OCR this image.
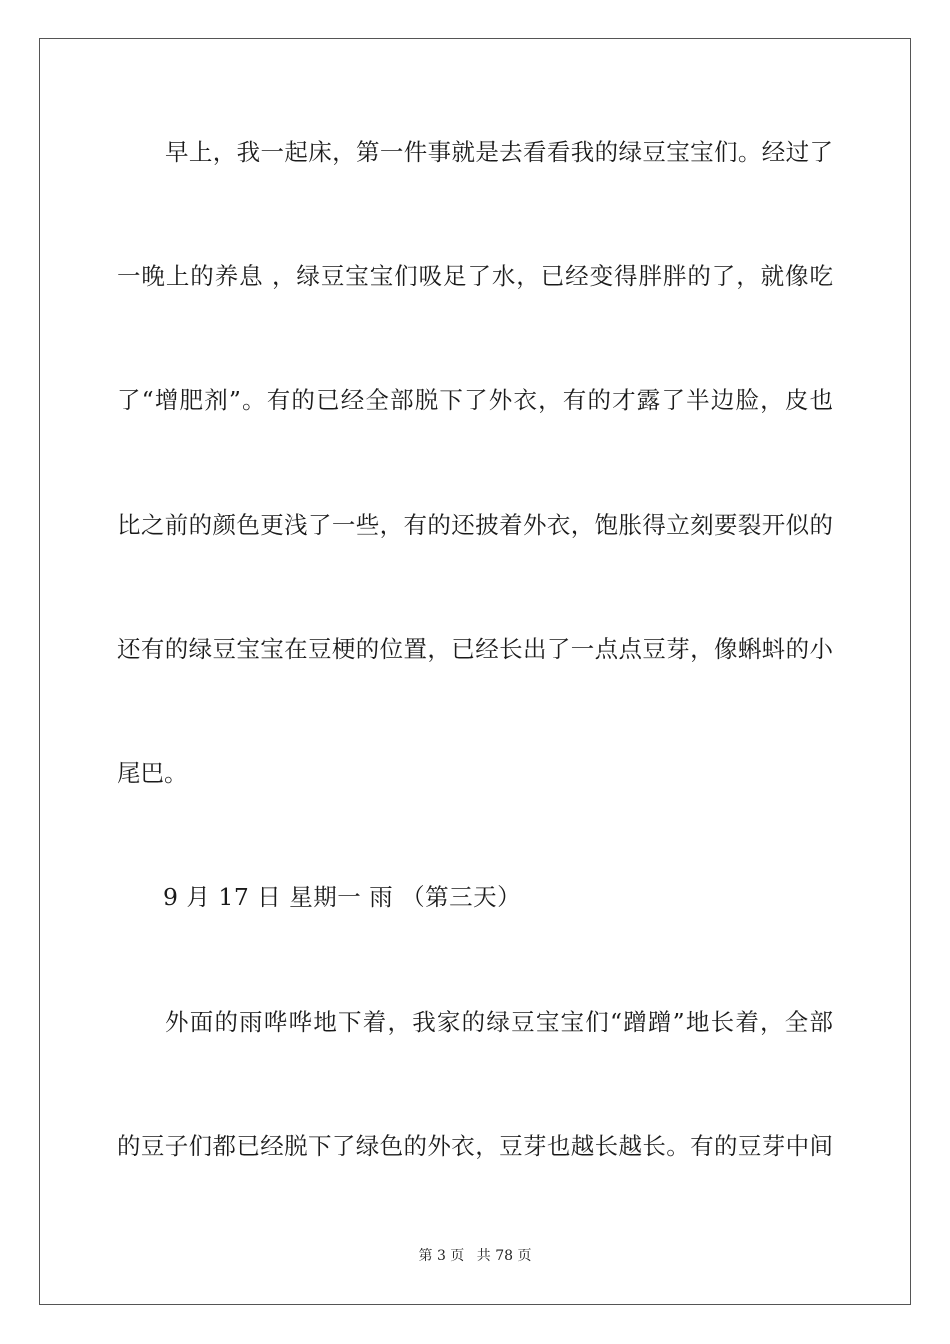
早上，我一起床，第一件事就是去看看我的绿豆宝宝们。经过了
一晚上的养息 ，绿豆宝宝们吸足了水，已经变得胖胖的了，就像吃
了“增肥剂”。有的已经全部脱下了外衣，有的才露了半边脸，皮也
比之前的颜色更浅了一些，有的还披着外衣，饱胀得立刻要裂开似的
还有的绿豆宝宝在豆梗的位置，已经长出了一点点豆芽，像蝌蚪的小
尾巴。
9 月 17 日 星期一 雨 （第三天）
外面的雨哗哗地下着，我家的绿豆宝宝们“蹭蹭”地长着，全部
的豆子们都已经脱下了绿色的外衣，豆芽也越长越长。有的豆芽中间
第 3 页 共 78 页
